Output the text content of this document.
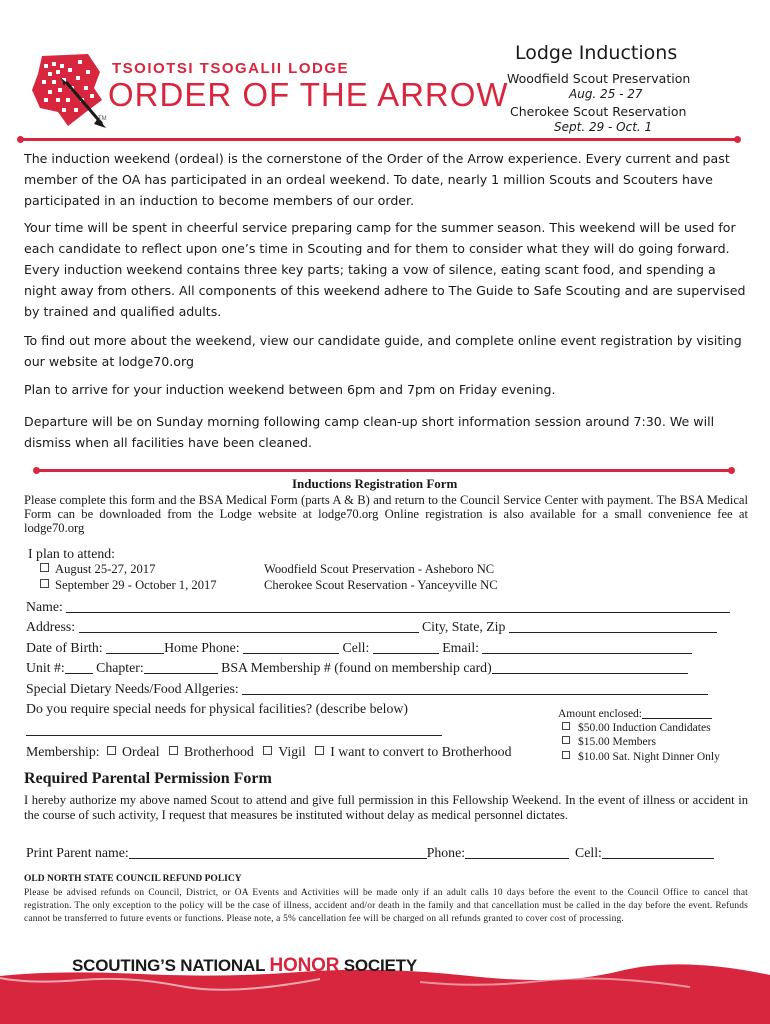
TSOIOTSI TSOGALII LODGE
ORDER OF THE ARROW
TM
Lodge Inductions
Woodfield Scout Preservation
Aug. 25 - 27
Cherokee Scout Reservation
Sept. 29 - Oct. 1

The induction weekend (ordeal) is the cornerstone of the Order of the Arrow experience. Every current and past member of the OA has participated in an ordeal weekend. To date, nearly 1 million Scouts and Scouters have participated in an induction to become members of our order.

Your time will be spent in cheerful service preparing camp for the summer season. This weekend will be used for each candidate to reflect upon one’s time in Scouting and for them to consider what they will do going forward. Every induction weekend contains three key parts; taking a vow of silence, eating scant food, and spending a night away from others. All components of this weekend adhere to The Guide to Safe Scouting and are supervised by trained and qualified adults.

To find out more about the weekend, view our candidate guide, and complete online event registration by visiting our website at lodge70.org

Plan to arrive for your induction weekend between 6pm and 7pm on Friday evening.

Departure will be on Sunday morning following camp clean-up short information session around 7:30. We will dismiss when all facilities have been cleaned.

Inductions Registration Form
Please complete this form and the BSA Medical Form (parts A & B) and return to the Council Service Center with payment. The BSA Medical Form can be downloaded from the Lodge website at lodge70.org Online registration is also available for a small convenience fee at lodge70.org
I plan to attend:
August 25-27, 2017	Woodfield Scout Preservation - Asheboro NC
September 29 - October 1, 2017	Cherokee Scout Reservation - Yanceyville NC
Name:
Address:	City, State, Zip
Date of Birth:	Home Phone:	Cell:	Email:
Unit #: Chapter:	BSA Membership # (found on membership card)
Special Dietary Needs/Food Allgeries:
Do you require special needs for physical facilities? (describe below)
Membership: Ordeal Brotherhood Vigil I want to convert to Brotherhood
Amount enclosed:
$50.00 Induction Candidates
$15.00 Members
$10.00 Sat. Night Dinner Only
Required Parental Permission Form
I hereby authorize my above named Scout to attend and give full permission in this Fellowship Weekend. In the event of illness or accident in the course of such activity, I request that measures be instituted without delay as medical personnel dictates.
Print Parent name:	Phone:	Cell:
OLD NORTH STATE COUNCIL REFUND POLICY
Please be advised refunds on Council, District, or OA Events and Activities will be made only if an adult calls 10 days before the event to the Council Office to cancel that registration. The only exception to the policy will be the case of illness, accident and/or death in the family and that cancellation must be called in the day before the event. Refunds cannot be transferred to future events or functions. Please note, a 5% cancellation fee will be charged on all refunds granted to cover cost of processing.
SCOUTING’S NATIONAL HONOR SOCIETY
